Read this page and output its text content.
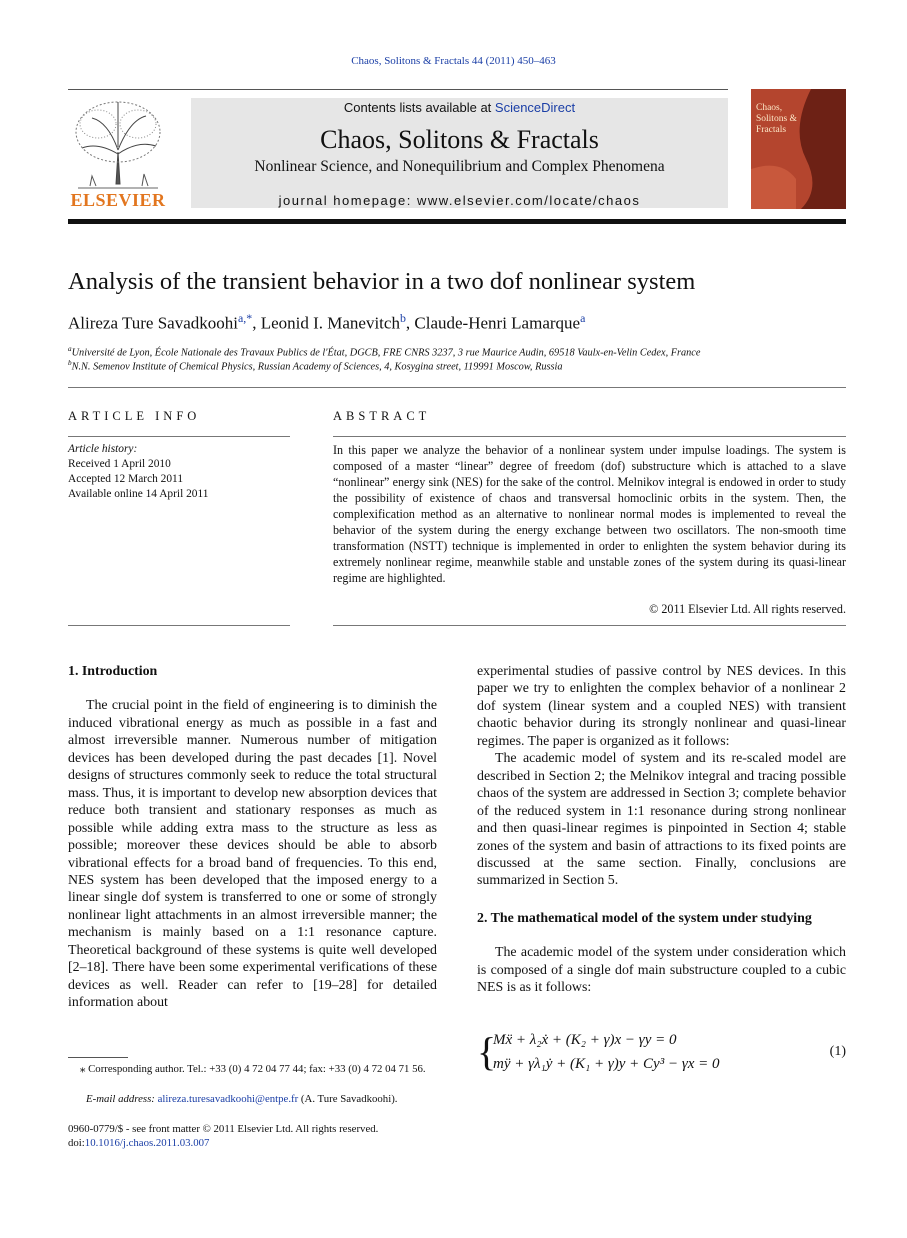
Chaos, Solitons & Fractals 44 (2011) 450–463
ELSEVIER
Contents lists available at ScienceDirect
Chaos, Solitons & Fractals
Nonlinear Science, and Nonequilibrium and Complex Phenomena
journal homepage: www.elsevier.com/locate/chaos
Chaos, Solitons & Fractals
Analysis of the transient behavior in a two dof nonlinear system
Alireza Ture Savadkoohi$^{a,*}$, Leonid I. Manevitch$^b$, Claude-Henri Lamarque$^a$
$^a$Université de Lyon, École Nationale des Travaux Publics de l'État, DGCB, FRE CNRS 3237, 3 rue Maurice Audin, 69518 Vaulx-en-Velin Cedex, France
$^b$N.N. Semenov Institute of Chemical Physics, Russian Academy of Sciences, 4, Kosygina street, 119991 Moscow, Russia
ARTICLE INFO
Article history:
Received 1 April 2010
Accepted 12 March 2011
Available online 14 April 2011
ABSTRACT
In this paper we analyze the behavior of a nonlinear system under impulse loadings. The system is composed of a master “linear” degree of freedom (dof) substructure which is attached to a slave “nonlinear” energy sink (NES) for the sake of the control. Melnikov integral is endowed in order to study the possibility of existence of chaos and transversal homoclinic orbits in the system. Then, the complexification method as an alternative to nonlinear normal modes is implemented to reveal the behavior of the system during the energy exchange between two oscillators. The non-smooth time transformation (NSTT) technique is implemented in order to enlighten the system behavior during its extremely nonlinear regime, meanwhile stable and unstable zones of the system during its quasi-linear regime are highlighted.
© 2011 Elsevier Ltd. All rights reserved.
1. Introduction

The crucial point in the field of engineering is to diminish the induced vibrational energy as much as possible in a fast and almost irreversible manner. Numerous number of mitigation devices has been developed during the past decades [1]. Novel designs of structures commonly seek to reduce the total structural mass. Thus, it is important to develop new absorption devices that reduce both transient and stationary responses as much as possible while adding extra mass to the structure as less as possible; moreover these devices should be able to absorb vibrational effects for a broad band of frequencies. To this end, NES system has been developed that the imposed energy to a linear single dof system is transferred to one or some of strongly nonlinear light attachments in an almost irreversible manner; the mechanism is mainly based on a 1:1 resonance capture. Theoretical background of these systems is quite well developed [2–18]. There have been some experimental verifications of these devices as well. Reader can refer to [19–28] for detailed information about

experimental studies of passive control by NES devices. In this paper we try to enlighten the complex behavior of a nonlinear 2 dof system (linear system and a coupled NES) with transient chaotic behavior during its strongly nonlinear and quasi-linear regimes. The paper is organized as it follows:

The academic model of system and its re-scaled model are described in Section 2; the Melnikov integral and tracing possible chaos of the system are addressed in Section 3; complete behavior of the reduced system in 1:1 resonance during strong nonlinear and then quasi-linear regimes is pinpointed in Section 4; stable zones of the system and basin of attractions to its fixed points are discussed at the same section. Finally, conclusions are summarized in Section 5.

2. The mathematical model of the system under studying

The academic model of the system under consideration which is composed of a single dof main substructure coupled to a cubic NES is as it follows:

{
Mẍ + λ₂ẋ + (K₂ + γ)x − γy = 0
mÿ + γλ₁ẏ + (K₁ + γ)y + Cy³ − γx = 0
(1)
⁎ Corresponding author. Tel.: +33 (0) 4 72 04 77 44; fax: +33 (0) 4 72 04 71 56.
E-mail address: alireza.turesavadkoohi@entpe.fr (A. Ture Savadkoohi).
0960-0779/$ - see front matter © 2011 Elsevier Ltd. All rights reserved.
doi:10.1016/j.chaos.2011.03.007
